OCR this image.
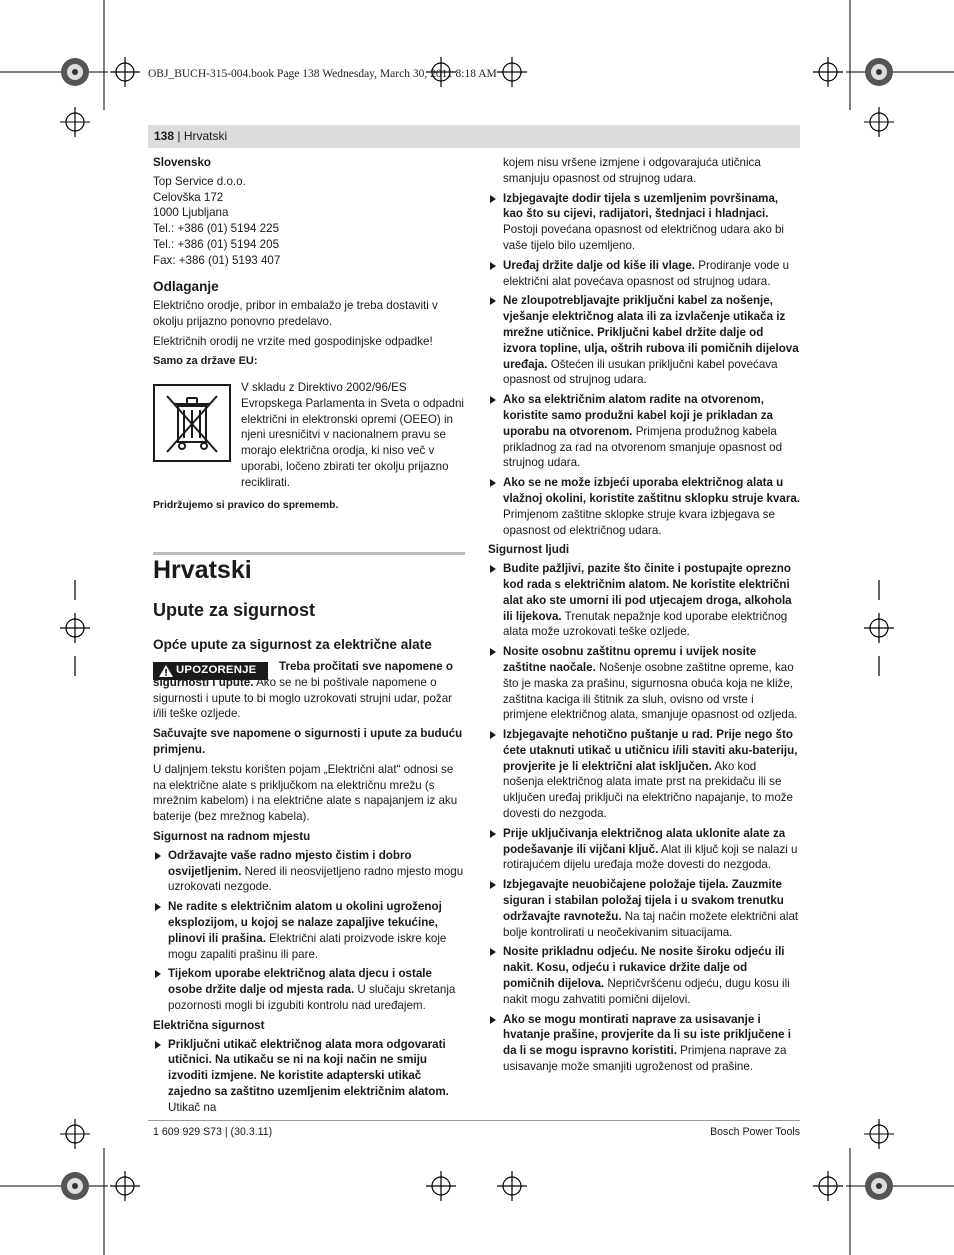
OBJ_BUCH-315-004.book Page 138 Wednesday, March 30, 2011 8:18 AM
138 | Hrvatski
Slovensko
Top Service d.o.o.
Celovška 172
1000 Ljubljana
Tel.: +386 (01) 5194 225
Tel.: +386 (01) 5194 205
Fax: +386 (01) 5193 407
Odlaganje

Električno orodje, pribor in embalažo je treba dostaviti v okolju prijazno ponovno predelavo.

Električnih orodij ne vrzite med gospodinjske odpadke!

Samo za države EU:
V skladu z Direktivo 2002/96/ES
Evropskega Parlamenta in Sveta o odpadni
električni in elektronski opremi (OEEO) in
njeni uresničitvi v nacionalnem pravu se
morajo električna orodja, ki niso več v
uporabi, ločeno zbirati ter okolju prijazno
reciklirati.
Pridržujemo si pravico do sprememb.
Hrvatski
Upute za sigurnost
Opće upute za sigurnost za električne alate
UPOZORENJE	Treba pročitati sve napomene o sigurnosti i upute. Ako se ne bi poštivale napomene o sigurnosti i upute to bi moglo uzrokovati strujni udar, požar i/ili teške ozljede.

Sačuvajte sve napomene o sigurnosti i upute za buduću primjenu.

U daljnjem tekstu korišten pojam „Električni alat“ odnosi se na električne alate s priključkom na električnu mrežu (s mrežnim kabelom) i na električne alate s napajanjem iz aku baterije (bez mrežnog kabela).

Sigurnost na radnom mjestu
Održavajte vaše radno mjesto čistim i dobro osvijetljenim. Nered ili neosvijetljeno radno mjesto mogu uzrokovati nezgode.
Ne radite s električnim alatom u okolini ugroženoj eksplozijom, u kojoj se nalaze zapaljive tekućine, plinovi ili prašina. Električni alati proizvode iskre koje mogu zapaliti prašinu ili pare.
Tijekom uporabe električnog alata djecu i ostale osobe držite dalje od mjesta rada. U slučaju skretanja pozornosti mogli bi izgubiti kontrolu nad uređajem.
Električna sigurnost
Priključni utikač električnog alata mora odgovarati utičnici. Na utikaču se ni na koji način ne smiju izvoditi izmjene. Ne koristite adapterski utikač zajedno sa zaštitno uzemljenim električnim alatom. Utikač na

kojem nisu vršene izmjene i odgovarajuća utičnica smanjuju opasnost od strujnog udara.

Izbjegavajte dodir tijela s uzemljenim površinama, kao što su cijevi, radijatori, štednjaci i hladnjaci. Postoji povećana opasnost od električnog udara ako bi vaše tijelo bilo uzemljeno.
Uređaj držite dalje od kiše ili vlage. Prodiranje vode u električni alat povećava opasnost od strujnog udara.
Ne zloupotrebljavajte priključni kabel za nošenje, vješanje električnog alata ili za izvlačenje utikača iz mrežne utičnice. Priključni kabel držite dalje od izvora topline, ulja, oštrih rubova ili pomičnih dijelova uređaja. Oštećen ili usukan priključni kabel povećava opasnost od strujnog udara.
Ako sa električnim alatom radite na otvorenom, koristite samo produžni kabel koji je prikladan za uporabu na otvorenom. Primjena produžnog kabela prikladnog za rad na otvorenom smanjuje opasnost od strujnog udara.
Ako se ne može izbjeći uporaba električnog alata u vlažnoj okolini, koristite zaštitnu sklopku struje kvara. Primjenom zaštitne sklopke struje kvara izbjegava se opasnost od električnog udara.
Sigurnost ljudi
Budite pažljivi, pazite što činite i postupajte oprezno kod rada s električnim alatom. Ne koristite električni alat ako ste umorni ili pod utjecajem droga, alkohola ili lijekova. Trenutak nepažnje kod uporabe električnog alata može uzrokovati teške ozljede.
Nosite osobnu zaštitnu opremu i uvijek nosite zaštitne naočale. Nošenje osobne zaštitne opreme, kao što je maska za prašinu, sigurnosna obuća koja ne kliže, zaštitna kaciga ili štitnik za sluh, ovisno od vrste i primjene električnog alata, smanjuje opasnost od ozljeda.
Izbjegavajte nehotično puštanje u rad. Prije nego što ćete utaknuti utikač u utičnicu i/ili staviti aku-bateriju, provjerite je li električni alat isključen. Ako kod nošenja električnog alata imate prst na prekidaču ili se uključen uređaj priključi na električno napajanje, to može dovesti do nezgoda.
Prije uključivanja električnog alata uklonite alate za podešavanje ili vijčani ključ. Alat ili ključ koji se nalazi u rotirajućem dijelu uređaja može dovesti do nezgoda.
Izbjegavajte neuobičajene položaje tijela. Zauzmite siguran i stabilan položaj tijela i u svakom trenutku održavajte ravnotežu. Na taj način možete električni alat bolje kontrolirati u neočekivanim situacijama.
Nosite prikladnu odjeću. Ne nosite široku odjeću ili nakit. Kosu, odjeću i rukavice držite dalje od pomičnih dijelova. Nepričvršćenu odjeću, dugu kosu ili nakit mogu zahvatiti pomični dijelovi.
Ako se mogu montirati naprave za usisavanje i hvatanje prašine, provjerite da li su iste priključene i da li se mogu ispravno koristiti. Primjena naprave za usisavanje može smanjiti ugroženost od prašine.
1 609 929 S73 | (30.3.11)	Bosch Power Tools
